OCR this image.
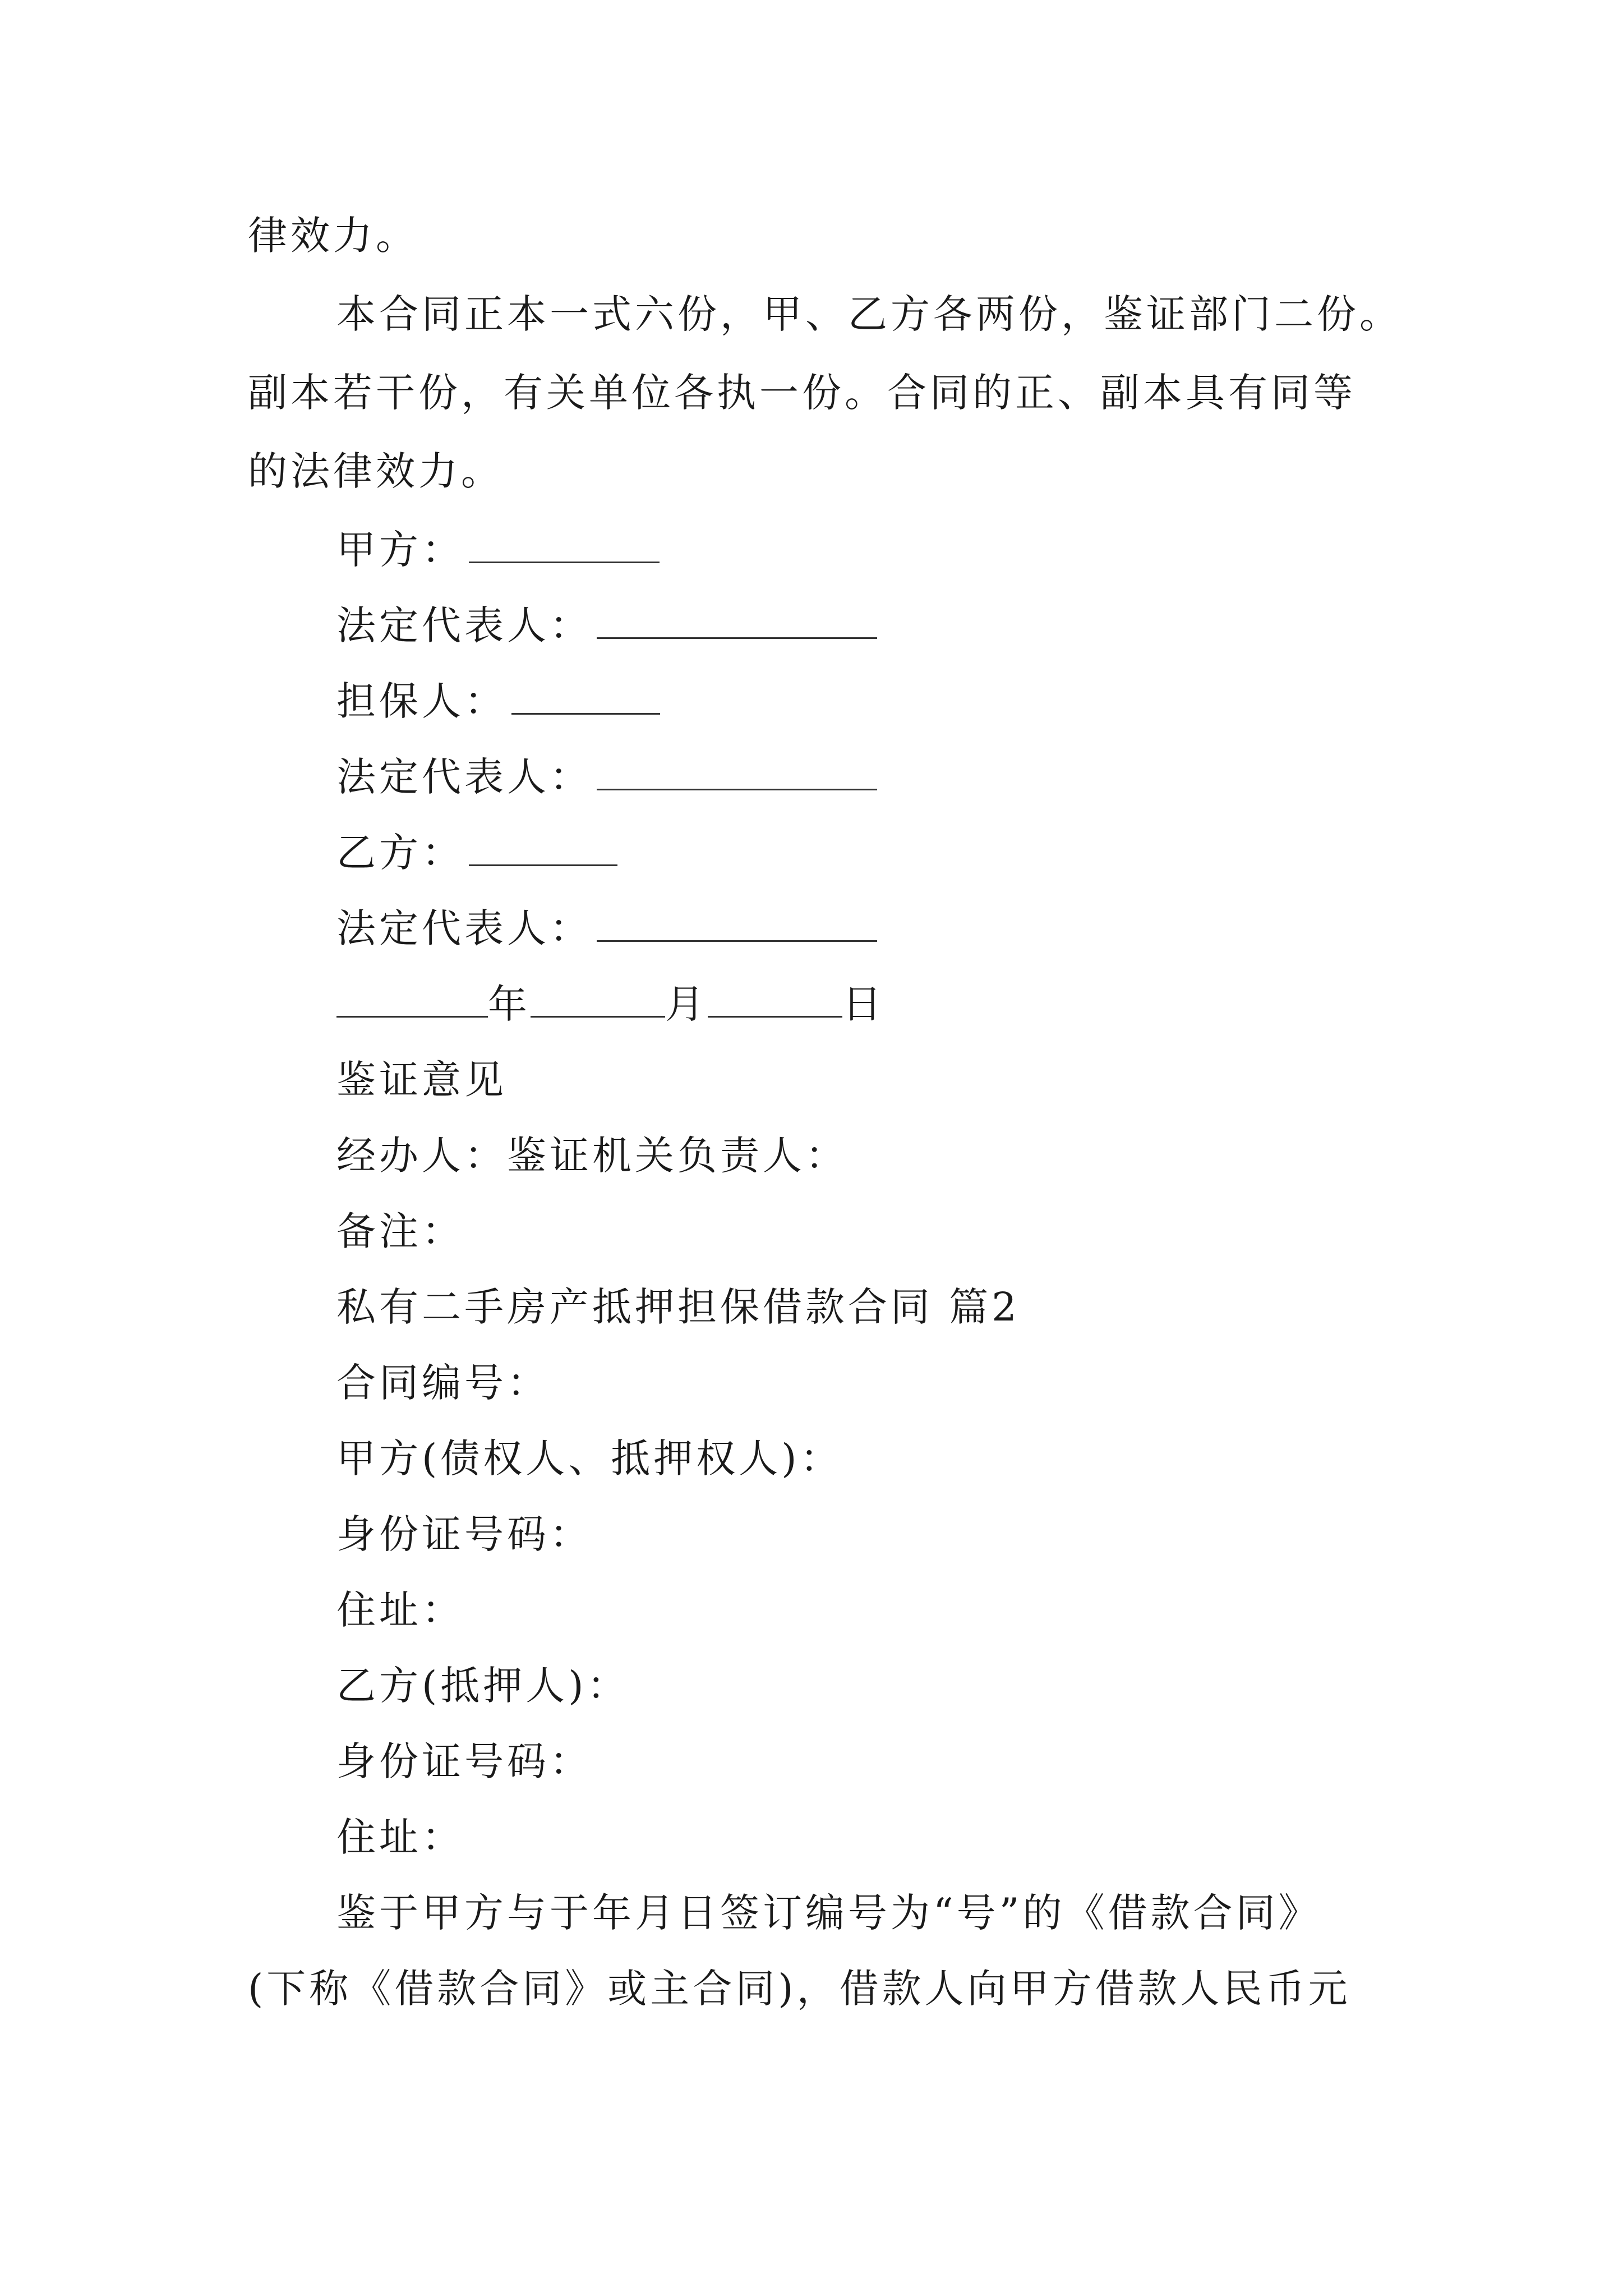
律效力。
本合同正本一式六份，甲、乙方各两份，鉴证部门二份。
副本若干份，有关单位各执一份。合同的正、副本具有同等
的法律效力。
甲方：
法定代表人：
担保人：
法定代表人：
乙方：
法定代表人：
年	月	日
鉴证意见
经办人：鉴证机关负责人：
备注：
私有二手房产抵押担保借款合同 篇2
合同编号：
甲方(债权人、抵押权人)：
身份证号码：
住址：
乙方(抵押人)：
身份证号码：
住址：
鉴于甲方与于年月日签订编号为“号”的《借款合同》
(下称《借款合同》或主合同)，借款人向甲方借款人民币元
